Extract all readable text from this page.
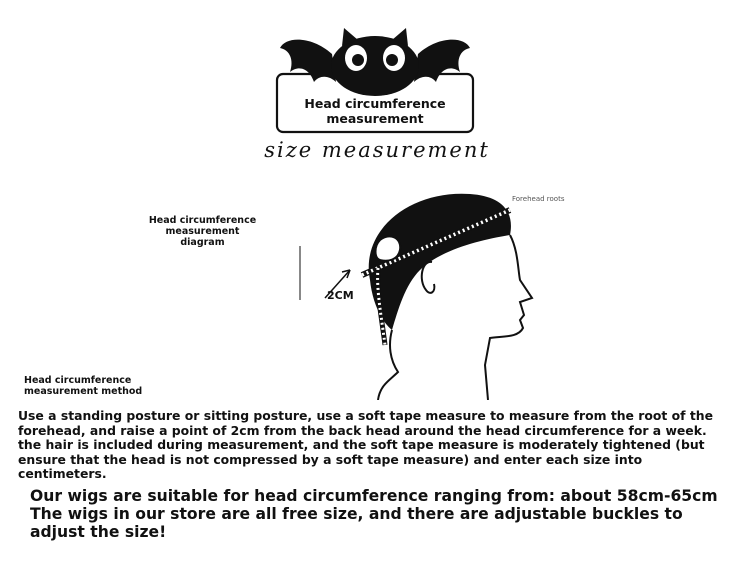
Head circumference measurement
size measurement
Head circumference measurement diagram
Forehead roots
2CM
Head circumference measurement method
Use a standing posture or sitting posture, use a soft tape measure to measure from the root of the forehead, and raise a point of 2cm from the back head around the head circumference for a week. the hair is included during measurement, and the soft tape measure is moderately tightened (but ensure that the head is not compressed by a soft tape measure) and enter each size into centimeters.
Our wigs are suitable for head circumference ranging from: about 58cm-65cm The wigs in our store are all free size, and there are adjustable buckles to adjust the size!
